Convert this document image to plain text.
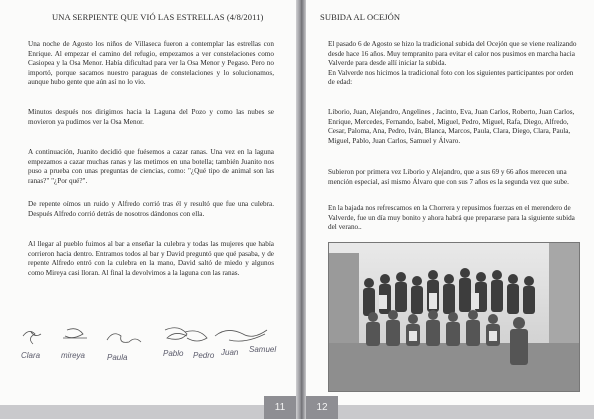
UNA SERPIENTE QUE VIÓ LAS ESTRELLAS (4/8/2011)

Una noche de Agosto los niños de Villaseca fueron a contemplar las estrellas con Enrique. Al empezar el camino del refugio, empezamos a ver constelaciones como Casiopea y la Osa Menor. Había dificultad para ver la Osa Menor y Pegaso. Pero no importó, porque sacamos nuestro paraguas de constelaciones y lo solucionamos, aunque hubo gente que aún así no lo vio.

Minutos después nos dirigimos hacia la Laguna del Pozo y como las nubes se movieron ya pudimos ver la Osa Menor.

A continuación, Juanito decidió que fuésemos a cazar ranas. Una vez en la laguna empezamos a cazar muchas ranas y las metimos en una botella; también Juanito nos puso a prueba con unas preguntas de ciencias, como: "¿Qué tipo de animal son las ranas?" "¿Por qué?".

De repente oímos un ruido y Alfredo corrió tras él y resultó que fue una culebra. Después Alfredo corrió detrás de nosotros dándonos con ella.

Al llegar al pueblo fuimos al bar a enseñar la culebra y todas las mujeres que había corrieron hacia dentro. Entramos todos al bar y David preguntó que qué pasaba, y de repente Alfredo entró con la culebra en la mano, David saltó de miedo y algunos como Mireya casi lloran. Al final la devolvimos a la laguna con las ranas.

Clara	mireya	Paula	Pablo Pedro Juan Samuel
11
SUBIDA AL OCEJÓN

El pasado 6 de Agosto se hizo la tradicional subida del Ocejón que se viene realizando desde hace 16 años. Muy tempranito para evitar el calor nos pusimos en marcha hacia Valverde para desde allí iniciar la subida.
En Valverde nos hicimos la tradicional foto con los siguientes participantes por orden de edad:

Liborio, Juan, Alejandro, Angelines , Jacinto, Eva, Juan Carlos, Roberto, Juan Carlos, Enrique, Mercedes, Fernando, Isabel, Miguel, Pedro, Miguel, Rafa, Diego, Alfredo, Cesar, Paloma, Ana, Pedro, Iván, Blanca, Marcos, Paula, Clara, Diego, Clara, Paula, Miguel, Pablo, Juan Carlos, Samuel y Álvaro.

Subieron por primera vez Liborio y Alejandro, que a sus 69 y 66 años merecen una mención especial, así mismo Álvaro que con sus 7 años es la segunda vez que sube.

En la bajada nos refrescamos en la Chorrera y repusimos fuerzas en el merendero de Valverde, fue un día muy bonito y ahora habrá que prepararse para la siguiente subida del verano..

12
